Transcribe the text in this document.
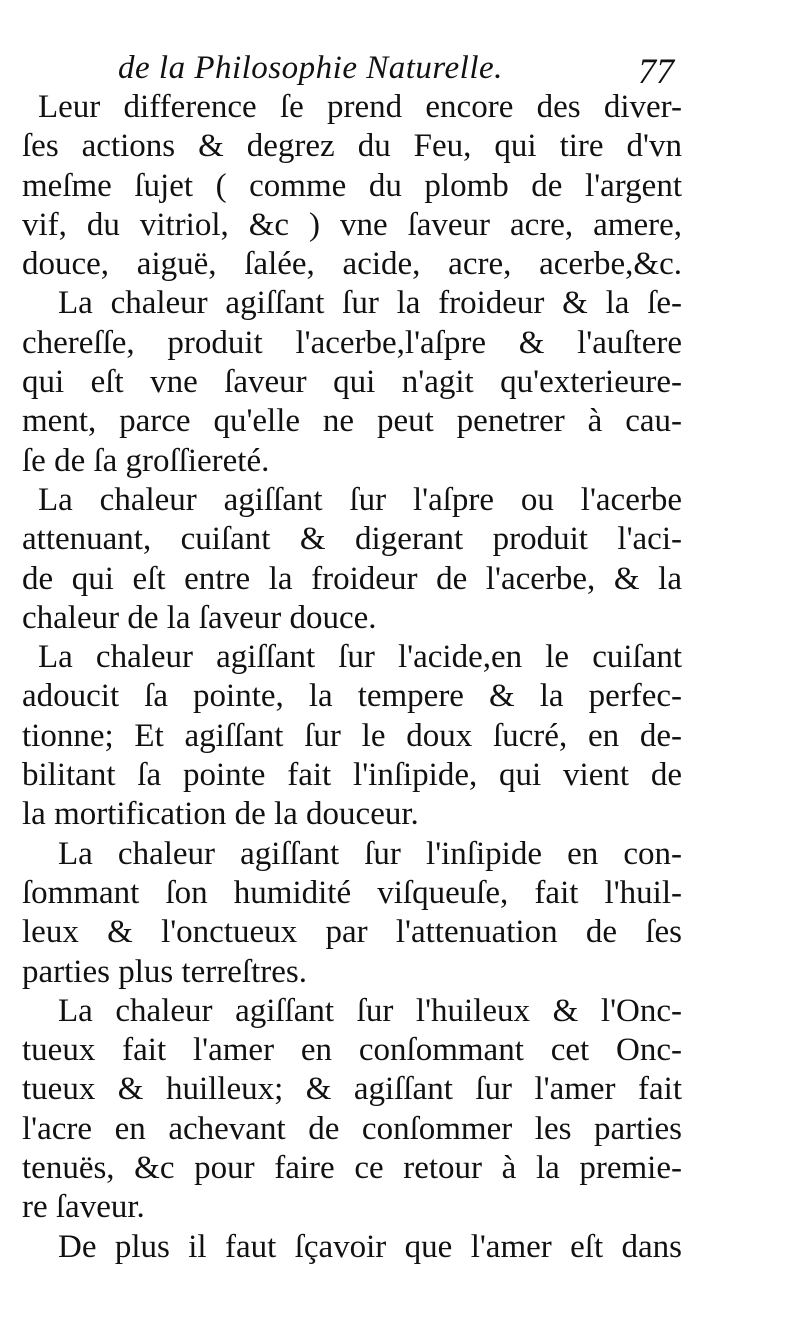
de la Philosophie Naturelle.	77
Leur difference ſe prend encore des diver-
ſes actions & degrez du Feu, qui tire d'vn
meſme ſujet ( comme du plomb de l'argent
vif, du vitriol, &c ) vne ſaveur acre, amere,
douce, aiguë, ſalée, acide, acre, acerbe,&c.
La chaleur agiſſant ſur la froideur & la ſe-
chereſſe, produit l'acerbe,l'aſpre & l'auſtere
qui eſt vne ſaveur qui n'agit qu'exterieure-
ment, parce qu'elle ne peut penetrer à cau-
ſe de ſa groſſiereté.
La chaleur agiſſant ſur l'aſpre ou l'acerbe
attenuant, cuiſant & digerant produit l'aci-
de qui eſt entre la froideur de l'acerbe, & la
chaleur de la ſaveur douce.
La chaleur agiſſant ſur l'acide,en le cuiſant
adoucit ſa pointe, la tempere & la perfec-
tionne; Et agiſſant ſur le doux ſucré, en de-
bilitant ſa pointe fait l'inſipide, qui vient de
la mortification de la douceur.
La chaleur agiſſant ſur l'inſipide en con-
ſommant ſon humidité viſqueuſe, fait l'huil-
leux & l'onctueux par l'attenuation de ſes
parties plus terreſtres.
La chaleur agiſſant ſur l'huileux & l'Onc-
tueux fait l'amer en conſommant cet Onc-
tueux & huilleux; & agiſſant ſur l'amer fait
l'acre en achevant de conſommer les parties
tenuës, &c pour faire ce retour à la premie-
re ſaveur.
De plus il faut ſçavoir que l'amer eſt dans
